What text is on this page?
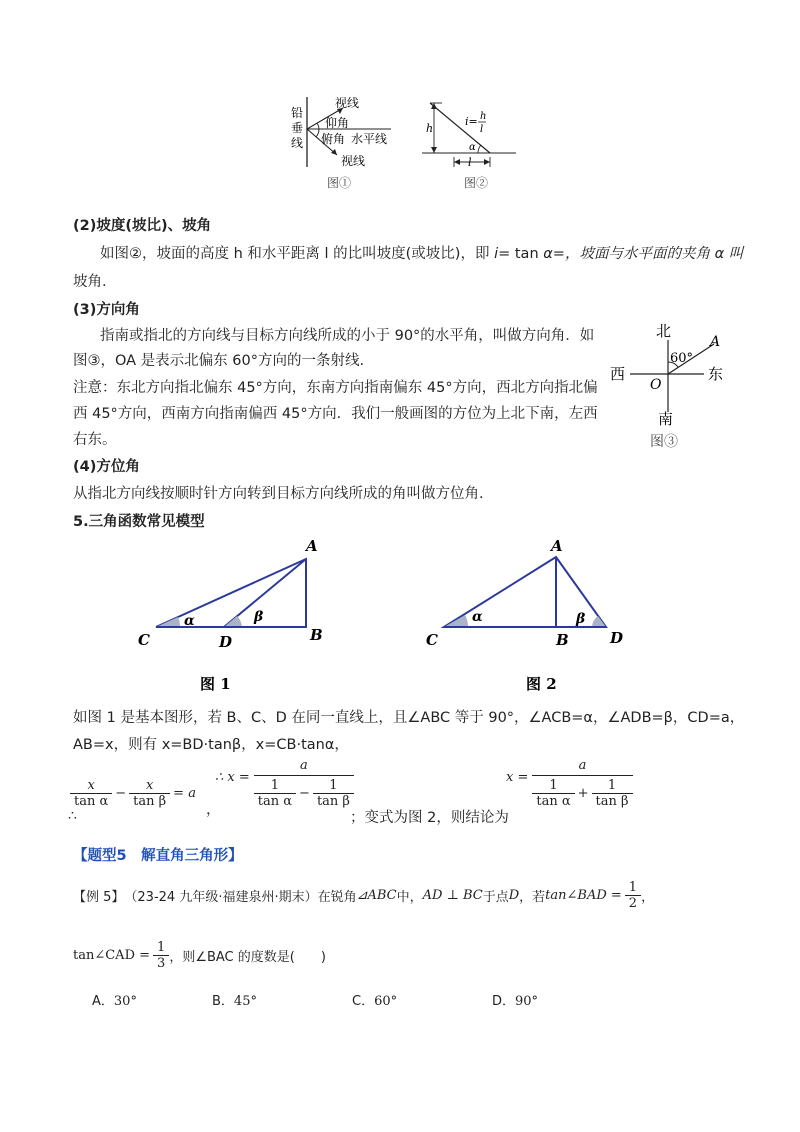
铅
垂
线
视线
仰角
俯角 水平线
视线
图①
h
i= h
l
α
l
图②
(2)坡度(坡比)、坡角
如图②，坡面的高度 h 和水平距离 l 的比叫坡度(或坡比)，即 i= tan α=，坡面与水平面的夹角 α 叫
坡角.
(3)方向角
指南或指北的方向线与目标方向线所成的小于 90°的水平角，叫做方向角．如
图③，OA 是表示北偏东 60°方向的一条射线.
注意：东北方向指北偏东 45°方向，东南方向指南偏东 45°方向，西北方向指北偏
西 45°方向，西南方向指南偏西 45°方向．我们一般画图的方位为上北下南，左西
右东。
北
南
西	东
O
A
60°
图③
(4)方位角
从指北方向线按顺时针方向转到目标方向线所成的角叫做方位角.
5.三角函数常见模型
A
B
C	D
α	β
图 1
A
B
C	D
α	β
图 2
如图 1 是基本图形，若 B、C、D 在同一直线上，且∠ABC 等于 90°，∠ACB=α，∠ADB=β，CD=a，
AB=x，则有 x=BD·tanβ，x=CB·tanα，
$\frac{x}{\text{tan α}} - \frac{x}{\text{tan β}} = a$
∴	，
∴ x =
a
$\frac{1}{\text{tan α}} - \frac{1}{\text{tan β}}$
；变式为图 2，则结论为
x =
a
$\frac{1}{\text{tan α}} + \frac{1}{\text{tan β}}$
【题型5　解直角三角形】
【例 5】 （23-24 九年级·福建泉州·期末）在锐角 ⊿ABC 中， AD ⊥ BC 于点 D ，若 tan∠BAD = $\frac{1}{2}$ ，
tan∠CAD = $\frac{1}{3}$ ，则∠BAC 的度数是(　　)
A．30°	B．45°	C．60°	D．90°
